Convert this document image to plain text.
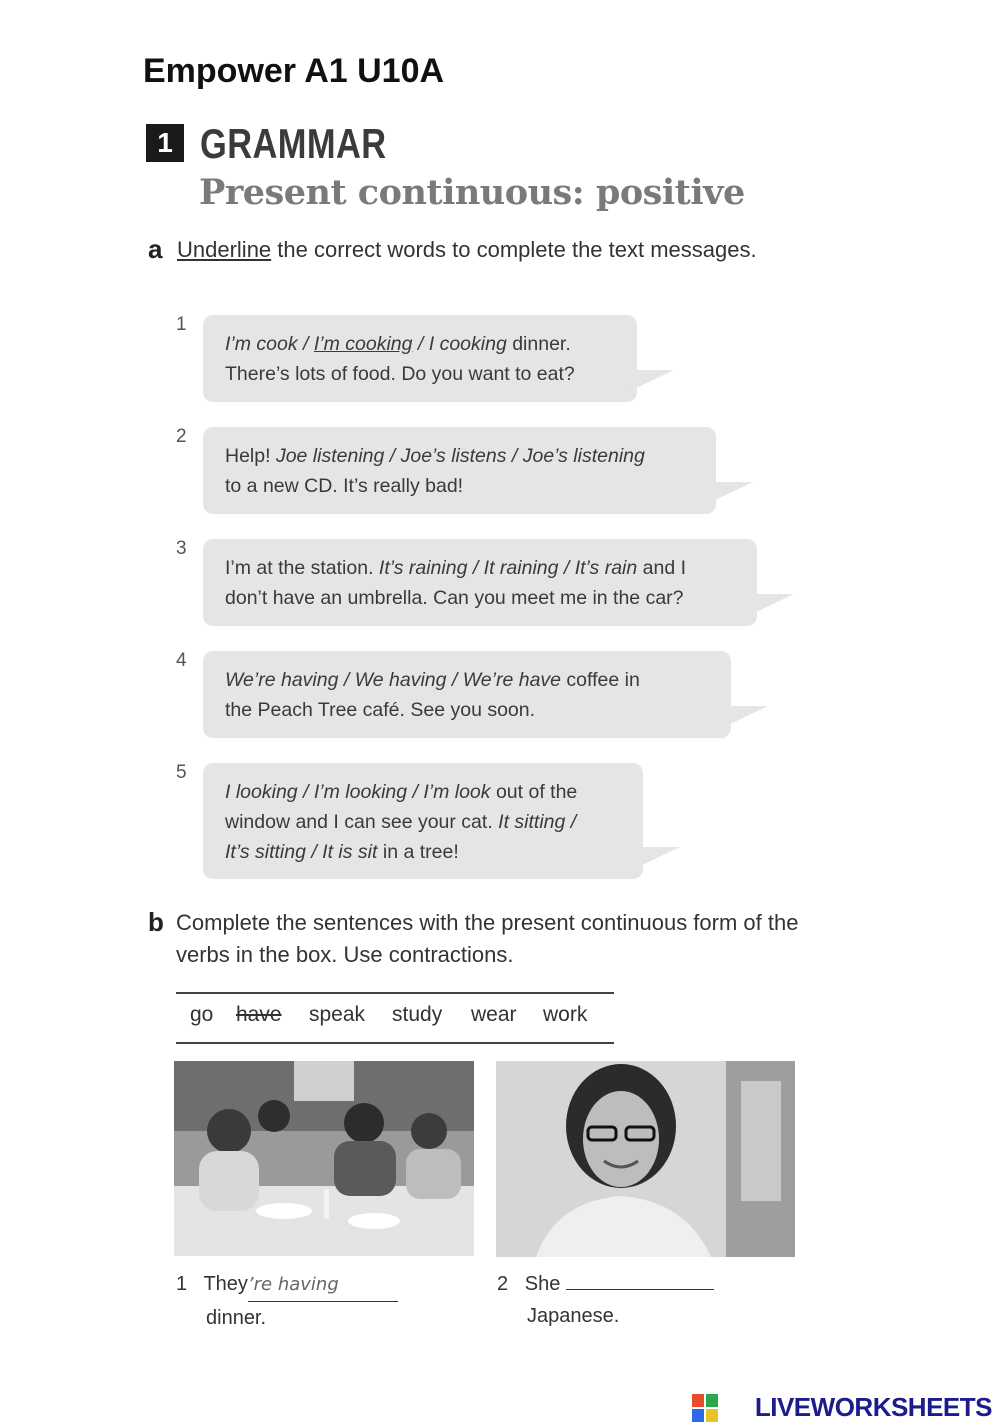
Empower A1 U10A
1 GRAMMAR
Present continuous: positive
a Underline the correct words to complete the text messages.
1
I’m cook / I’m cooking / I cooking dinner.
There’s lots of food. Do you want to eat?
2
Help! Joe listening / Joe’s listens / Joe’s listening
to a new CD. It’s really bad!
3
I’m at the station. It’s raining / It raining / It’s rain and I
don’t have an umbrella. Can you meet me in the car?
4
We’re having / We having / We’re have coffee in
the Peach Tree café. See you soon.
5
I looking / I’m looking / I’m look out of the
window and I can see your cat. It sitting /
It’s sitting / It is sit in a tree!
b Complete the sentences with the present continuous form of the verbs in the box. Use contractions.
go have speak study wear work
1 They’re having
dinner.
2 She
Japanese.
LIVEWORKSHEETS
